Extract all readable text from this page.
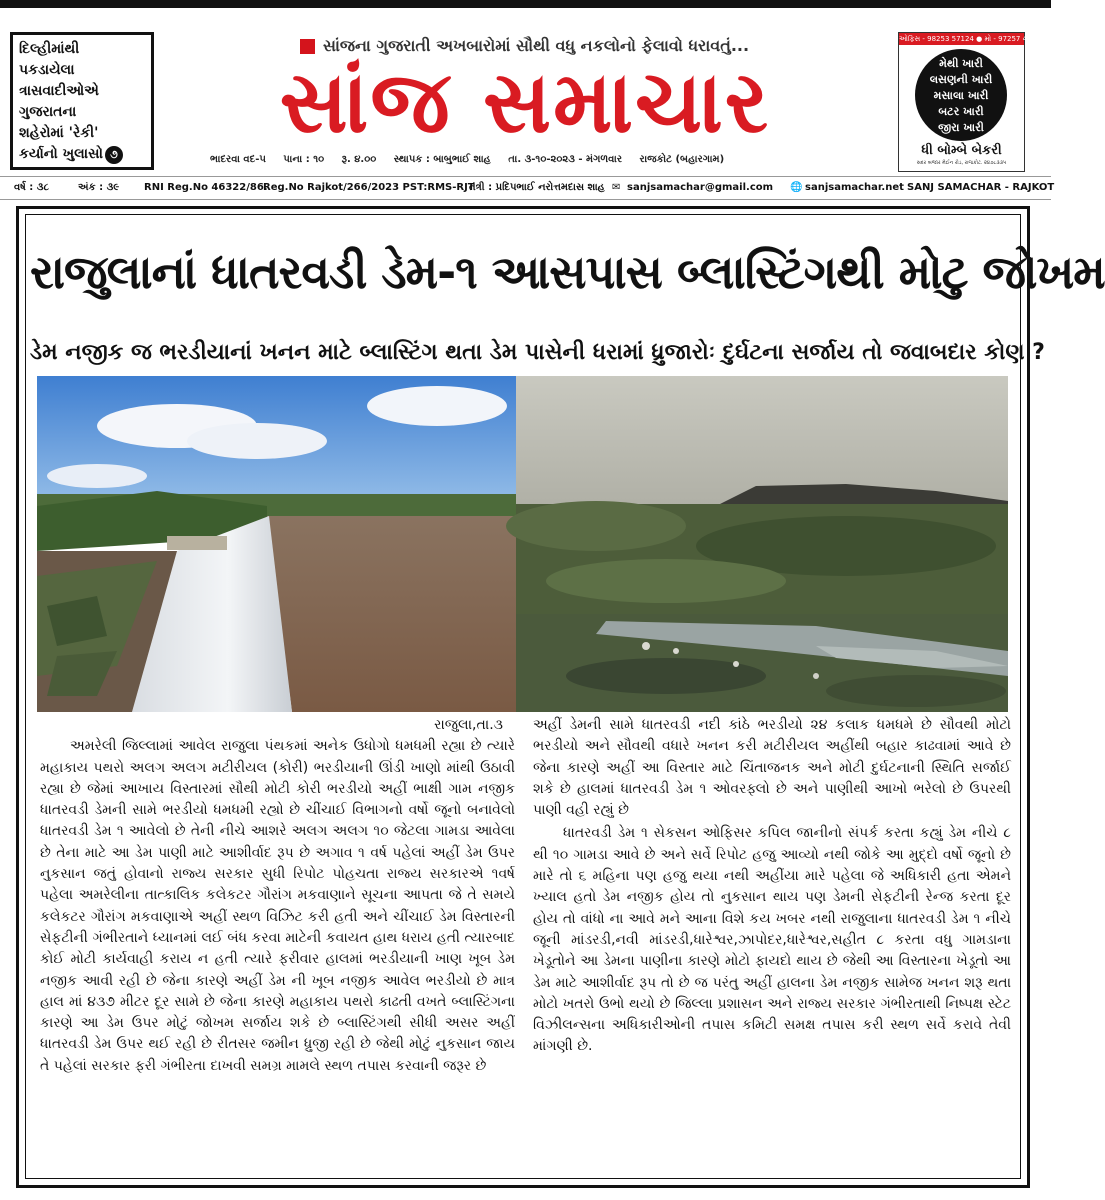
દિલ્હીમાંથી
પકડાયેલા
ત્રાસવાદીઓએ
ગુજરાતના
શહેરોમાં 'રેકી'
કર્યાનો ખુલાસો ૭
સાંજના ગુજરાતી અખબારોમાં સૌથી વધુ નકલોનો ફેલાવો ધરાવતું...
સાંજ સમાચાર
ભાદરવા વદ-૫ પાના : ૧૦ રૂ. ૪.૦૦ સ્થાપક : બાબુભાઈ શાહ તા. ૩-૧૦-૨૦૨૩ - મંગળવાર રાજકોટ (બહારગામ)
ઓફિસ - 98253 57124 ● મો - 97257 45743
મેથી ખારી
લસણની ખારી
મસાલા ખારી
બટર ખારી
જીરા ખારી
ધી બોમ્બે બેકરી
સદર બજાર મેઈન રોડ, રાજકોટ. ૨૪૭૮૩૩૫
વર્ષ : ૩૮	અંક : ૩૯ RNI Reg.No 46322/86.
Reg.No Rajkot/266/2023 PST:RMS-RJT
તંત્રી : પ્રદિપભાઈ નરોત્તમદાસ શાહ ✉ sanjsamachar@gmail.com 🌐 sanjsamachar.net SANJ SAMACHAR - RAJKOT
રાજુલાનાં ધાતરવડી ડેમ-૧ આસપાસ બ્લાસ્ટિંગથી મોટુ જોખમ
ડેમ નજીક જ ભરડીયાનાં ખનન માટે બ્લાસ્ટિંગ થતા ડેમ પાસેની ધરામાં ધ્રુજારોઃ દુર્ઘટના સર્જાય તો જવાબદાર કોણ ?
રાજુલા,તા.૩

અમરેલી જિલ્લામાં આવેલ રાજુલા પંથકમાં અનેક ઉધોગો ધમધમી રહ્યા છે ત્યારે મહાકાય પથરો અલગ અલગ મટીરીયલ (કોરી) ભરડીયાની ઊંડી ખાણો માંથી ઉઠાવી રહ્યા છે જેમાં આખાય વિસ્તારમાં સૌથી મોટી કોરી ભરડીયો અહીં ભાક્ષી ગામ નજીક ધાતરવડી ડેમની સામે ભરડીયો ધમધમી રહ્યો છે ચીંચાઈ વિભાગનો વર્ષો જૂનો બનાવેલો ધાતરવડી ડેમ ૧ આવેલો છે તેની નીચે આશરે અલગ અલગ ૧૦ જેટલા ગામડા આવેલા છે તેના માટે આ ડેમ પાણી માટે આશીર્વાદ રૂપ છે અગાવ ૧ વર્ષ પહેલાં અહીં ડેમ ઉપર નુકસાન જતું હોવાનો રાજ્ય સરકાર સુધી રિપોટ પોહચતા રાજ્ય સરકારએ ૧વર્ષ પહેલા અમરેલીના તાત્કાલિક કલેકટર ગૌરાંગ મકવાણાને સૂચના આપતા જે તે સમયે કલેકટર ગૌરાંગ મકવાણાએ અહીં સ્થળ વિઝિટ કરી હતી અને ચીંચાઈ ડેમ વિસ્તારની સેફટીની ગંભીરતાને ધ્યાનમાં લઈ બંધ કરવા માટેની કવાયત હાથ ધરાય હતી ત્યારબાદ કોઈ મોટી કાર્યવાહી કરાય ન હતી ત્યારે ફરીવાર હાલમાં ભરડીયાની ખાણ ખૂબ ડેમ નજીક આવી રહી છે જેના કારણે અહીં ડેમ ની ખૂબ નજીક આવેલ ભરડીયો છે માત્ર હાલ માં ૪૩૭ મીટર દૂર સામે છે જેના કારણે મહાકાય પથરો કાઢતી વખતે બ્લાસ્ટિંગના કારણે આ ડેમ ઉપર મોટું જોખમ સર્જાય શકે છે બ્લાસ્ટિંગથી સીધી અસર અહીં ધાતરવડી ડેમ ઉપર થઈ રહી છે રીતસર જમીન ધ્રુજી રહી છે જેથી મોટું નુકસાન જાય તે પહેલાં સરકાર ફરી ગંભીરતા દાખવી સમગ્ર મામલે સ્થળ તપાસ કરવાની જરૂર છે

અહીં ડેમની સામે ધાતરવડી નદી કાંઠે ભરડીયો ૨૪ કલાક ધમધમે છે સૌવથી મોટો ભરડીયો અને સૌવથી વધારે ખનન કરી મટીરીયલ અહીંથી બહાર કાઢવામાં આવે છે જેના કારણે અહીં આ વિસ્તાર માટે ચિંતાજનક અને મોટી દુર્ઘટનાની સ્થિતિ સર્જાઈ શકે છે હાલમાં ધાતરવડી ડેમ ૧ ઓવરફ્લો છે અને પાણીથી આખો ભરેલો છે ઉપરથી પાણી વહી રહ્યું છે

ધાતરવડી ડેમ ૧ સેકસન ઓફિસર કપિલ જાનીનો સંપર્ક કરતા કહ્યું ડેમ નીચે ૮ થી ૧૦ ગામડા આવે છે અને સર્વે રિપોટ હજુ આવ્યો નથી જોકે આ મુદ્દો વર્ષો જૂનો છે મારે તો ૬ મહિના પણ હજુ થયા નથી અહીંયા મારે પહેલા જે અધિકારી હતા એમને ખ્યાલ હતો ડેમ નજીક હોય તો નુકસાન થાય પણ ડેમની સેફટીની રેન્જ કરતા દૂર હોય તો વાંધો ના આવે મને આના વિશે કય ખબર નથી રાજુલાના ધાતરવડી ડેમ ૧ નીચે જૂની માંડરડી,નવી માંડરડી,ધારેશ્વર,ઝાપોદર,ધારેશ્વર,સહીત ૮ કરતા વધુ ગામડાના ખેડૂતોને આ ડેમના પાણીના કારણે મોટો ફાયદો થાય છે જેથી આ વિસ્તારના ખેડૂતો આ ડેમ માટે આશીર્વાદ રૂપ તો છે જ પરંતુ અહીં હાલના ડેમ નજીક સામેજ ખનન શરૂ થતા મોટો ખતરો ઉભો થયો છે જિલ્લા પ્રશાસન અને રાજ્ય સરકાર ગંભીરતાથી નિષ્પક્ષ સ્ટેટ વિઝીલન્સના અધિકારીઓની તપાસ કમિટી સમક્ષ તપાસ કરી સ્થળ સર્વે કરાવે તેવી માંગણી છે.
